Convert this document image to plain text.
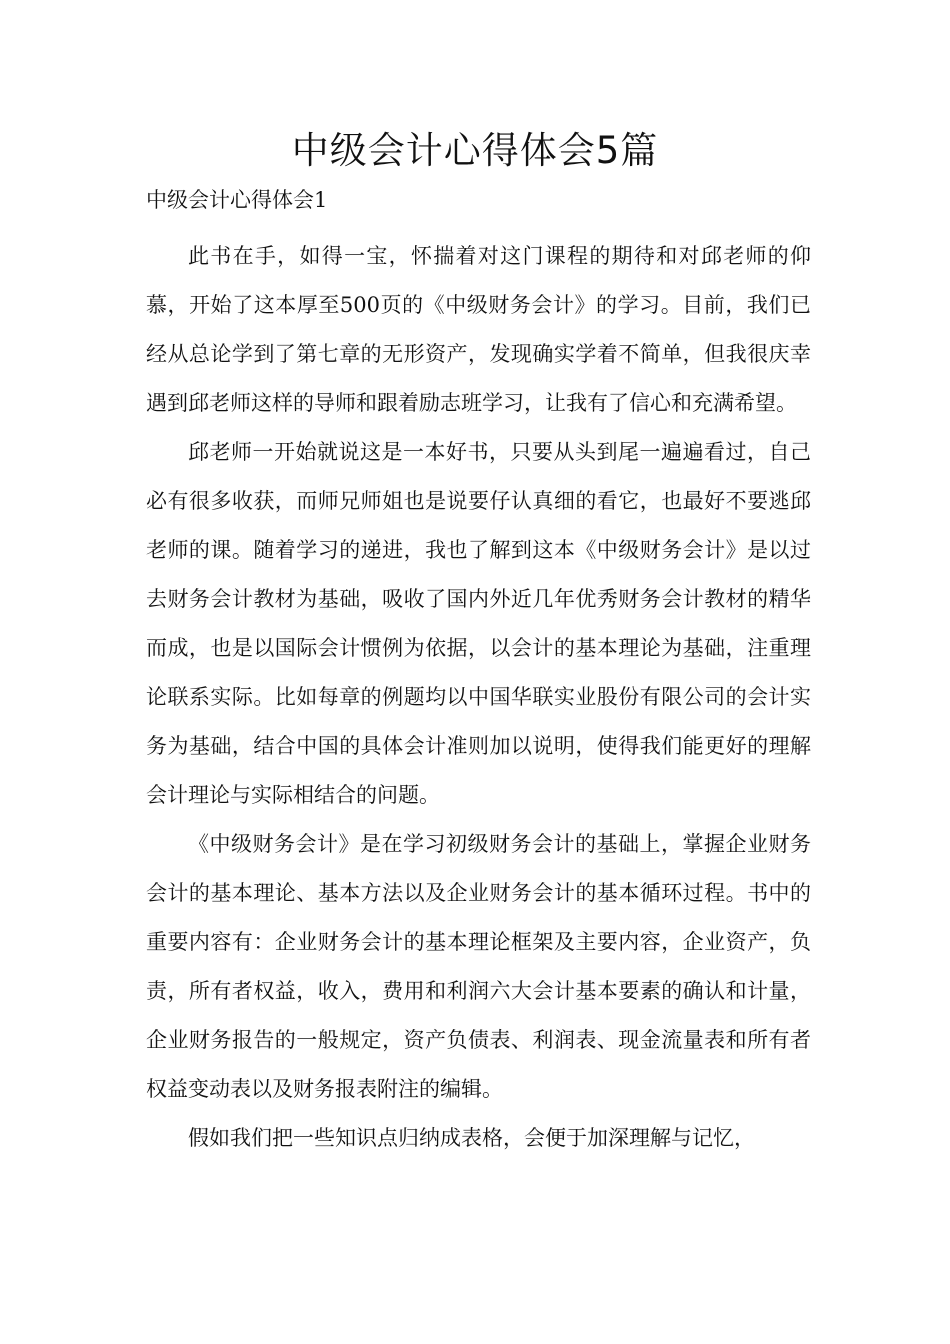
中级会计心得体会5篇

中级会计心得体会1

此书在手，如得一宝，怀揣着对这门课程的期待和对邱老师的仰慕，开始了这本厚至500页的《中级财务会计》的学习。目前，我们已经从总论学到了第七章的无形资产，发现确实学着不简单，但我很庆幸遇到邱老师这样的导师和跟着励志班学习，让我有了信心和充满希望。

邱老师一开始就说这是一本好书，只要从头到尾一遍遍看过，自己必有很多收获，而师兄师姐也是说要仔认真细的看它，也最好不要逃邱老师的课。随着学习的递进，我也了解到这本《中级财务会计》是以过去财务会计教材为基础，吸收了国内外近几年优秀财务会计教材的精华而成，也是以国际会计惯例为依据，以会计的基本理论为基础，注重理论联系实际。比如每章的例题均以中国华联实业股份有限公司的会计实务为基础，结合中国的具体会计准则加以说明，使得我们能更好的理解会计理论与实际相结合的问题。

《中级财务会计》是在学习初级财务会计的基础上，掌握企业财务会计的基本理论、基本方法以及企业财务会计的基本循环过程。书中的重要内容有：企业财务会计的基本理论框架及主要内容，企业资产，负责，所有者权益，收入，费用和利润六大会计基本要素的确认和计量，企业财务报告的一般规定，资产负债表、利润表、现金流量表和所有者权益变动表以及财务报表附注的编辑。

假如我们把一些知识点归纳成表格，会便于加深理解与记忆，
